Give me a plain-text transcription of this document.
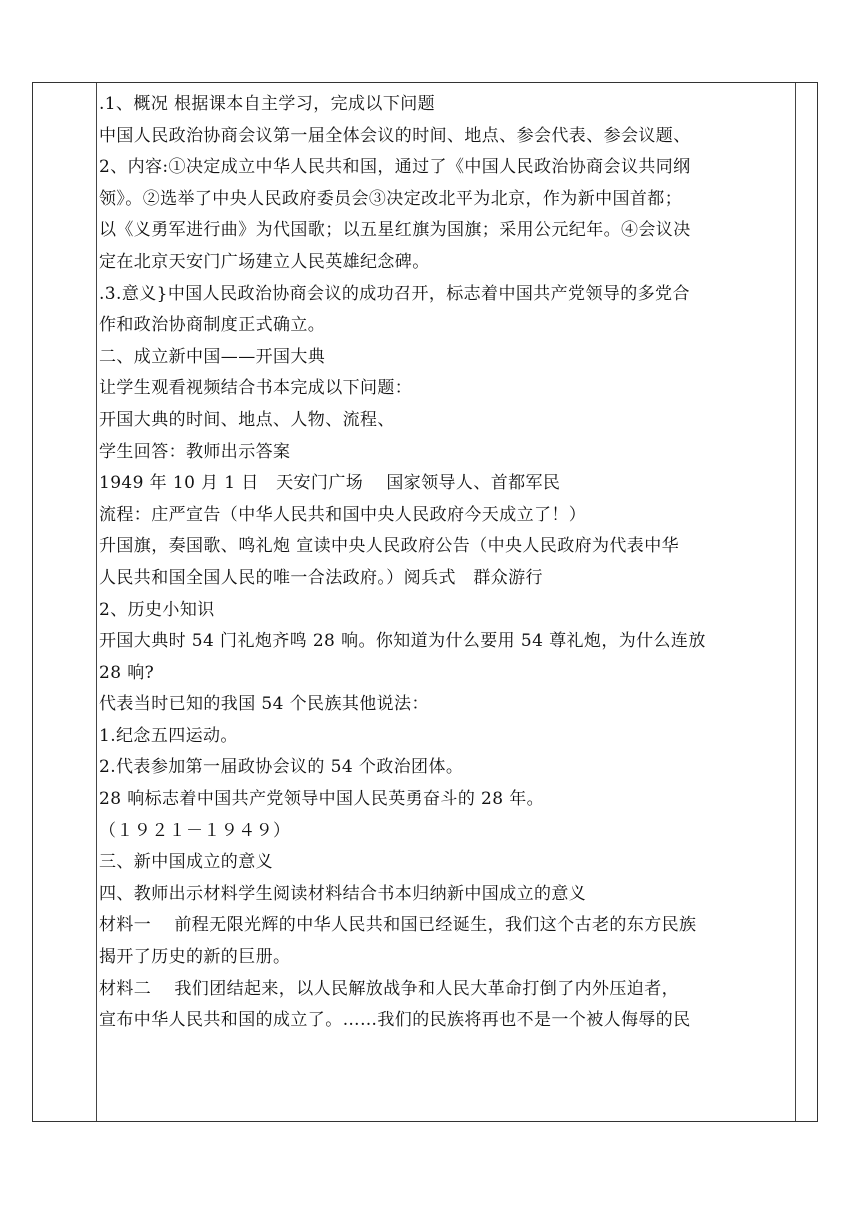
.1、概况 根据课本自主学习，完成以下问题
中国人民政治协商会议第一届全体会议的时间、地点、参会代表、参会议题、
2、内容:①决定成立中华人民共和国，通过了《中国人民政治协商会议共同纲
领》。②选举了中央人民政府委员会③决定改北平为北京，作为新中国首都；
以《义勇军进行曲》为代国歌；以五星红旗为国旗；采用公元纪年。④会议决
定在北京天安门广场建立人民英雄纪念碑。
.3.意义}中国人民政治协商会议的成功召开，标志着中国共产党领导的多党合
作和政治协商制度正式确立。
二、成立新中国——开国大典
让学生观看视频结合书本完成以下问题：
开国大典的时间、地点、人物、流程、
学生回答：教师出示答案
1949 年 10 月 1 日　天安门广场　 国家领导人、首都军民
流程：庄严宣告（中华人民共和国中央人民政府今天成立了！）
升国旗，奏国歌、鸣礼炮 宣读中央人民政府公告（中央人民政府为代表中华
人民共和国全国人民的唯一合法政府。）阅兵式　群众游行
2、历史小知识
开国大典时 54 门礼炮齐鸣 28 响。你知道为什么要用 54 尊礼炮，为什么连放
28 响?
代表当时已知的我国 54 个民族其他说法：
1.纪念五四运动。
2.代表参加第一届政协会议的 54 个政治团体。
28 响标志着中国共产党领导中国人民英勇奋斗的 28 年。
（１９２１－１９４９）
三、新中国成立的意义
四、教师出示材料学生阅读材料结合书本归纳新中国成立的意义
材料一　 前程无限光辉的中华人民共和国已经诞生，我们这个古老的东方民族
揭开了历史的新的巨册。
材料二　 我们团结起来，以人民解放战争和人民大革命打倒了内外压迫者，
宣布中华人民共和国的成立了。……我们的民族将再也不是一个被人侮辱的民
